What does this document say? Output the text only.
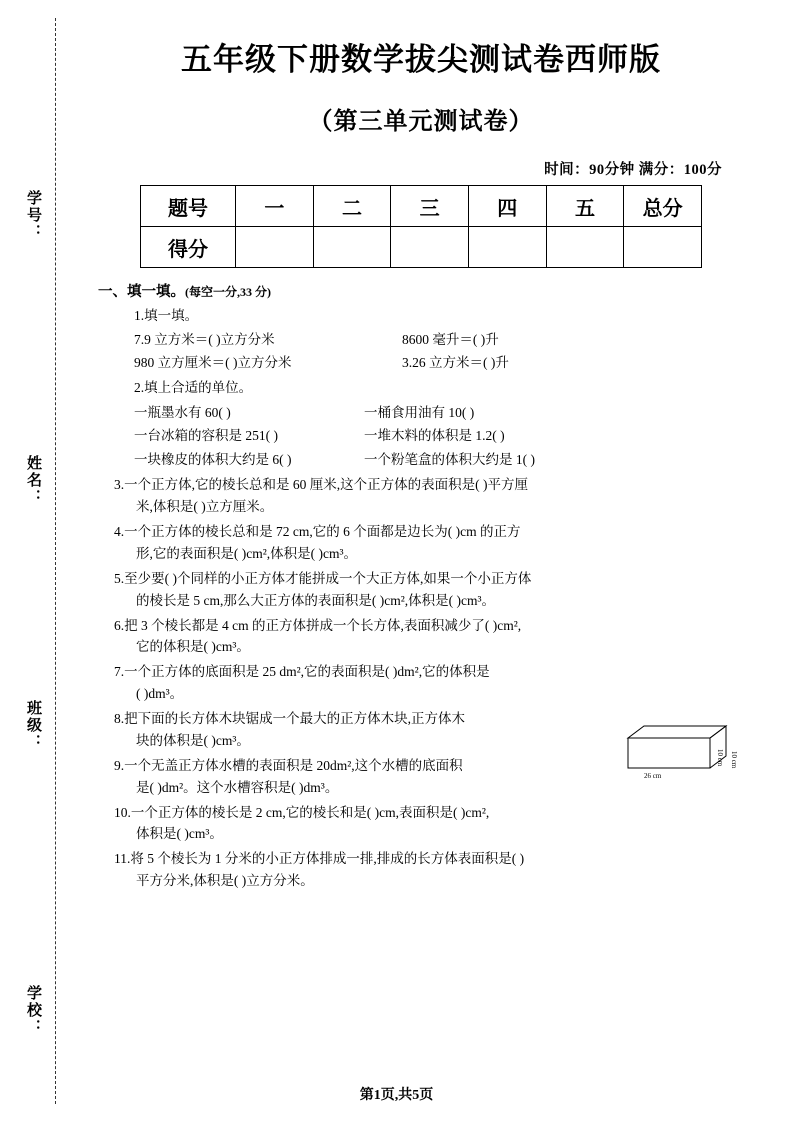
学号：
姓名：
班级：
学校：
五年级下册数学拔尖测试卷西师版
（第三单元测试卷）
时间：90分钟 满分：100分
题号	一	二	三	四	五	总分
得分						
一、填一填。(每空一分,33 分)
1.填一填。
7.9 立方米＝( )立方分米	8600 毫升＝( )升
980 立方厘米＝( )立方分米	3.26 立方米＝( )升
2.填上合适的单位。
一瓶墨水有 60( )	一桶食用油有 10( )
一台冰箱的容积是 251( )	一堆木料的体积是 1.2( )
一块橡皮的体积大约是 6( )	一个粉笔盒的体积大约是 1( )
3.一个正方体,它的棱长总和是 60 厘米,这个正方体的表面积是( )平方厘
米,体积是( )立方厘米。
4.一个正方体的棱长总和是 72 cm,它的 6 个面都是边长为( )cm 的正方
形,它的表面积是( )cm²,体积是( )cm³。
5.至少要( )个同样的小正方体才能拼成一个大正方体,如果一个小正方体
的棱长是 5 cm,那么大正方体的表面积是( )cm²,体积是( )cm³。
6.把 3 个棱长都是 4 cm 的正方体拼成一个长方体,表面积减少了( )cm²,
它的体积是( )cm³。
7.一个正方体的底面积是 25 dm²,它的表面积是( )dm²,它的体积是
( )dm³。
8.把下面的长方体木块锯成一个最大的正方体木块,正方体木
块的体积是( )cm³。
9.一个无盖正方体水槽的表面积是 20dm²,这个水槽的底面积
是( )dm²。这个水槽容积是( )dm³。
10.一个正方体的棱长是 2 cm,它的棱长和是( )cm,表面积是( )cm²,
体积是( )cm³。
11.将 5 个棱长为 1 分米的小正方体排成一排,排成的长方体表面积是( )
平方分米,体积是( )立方分米。
26 cm
10 cm
10 cm
第1页,共5页
